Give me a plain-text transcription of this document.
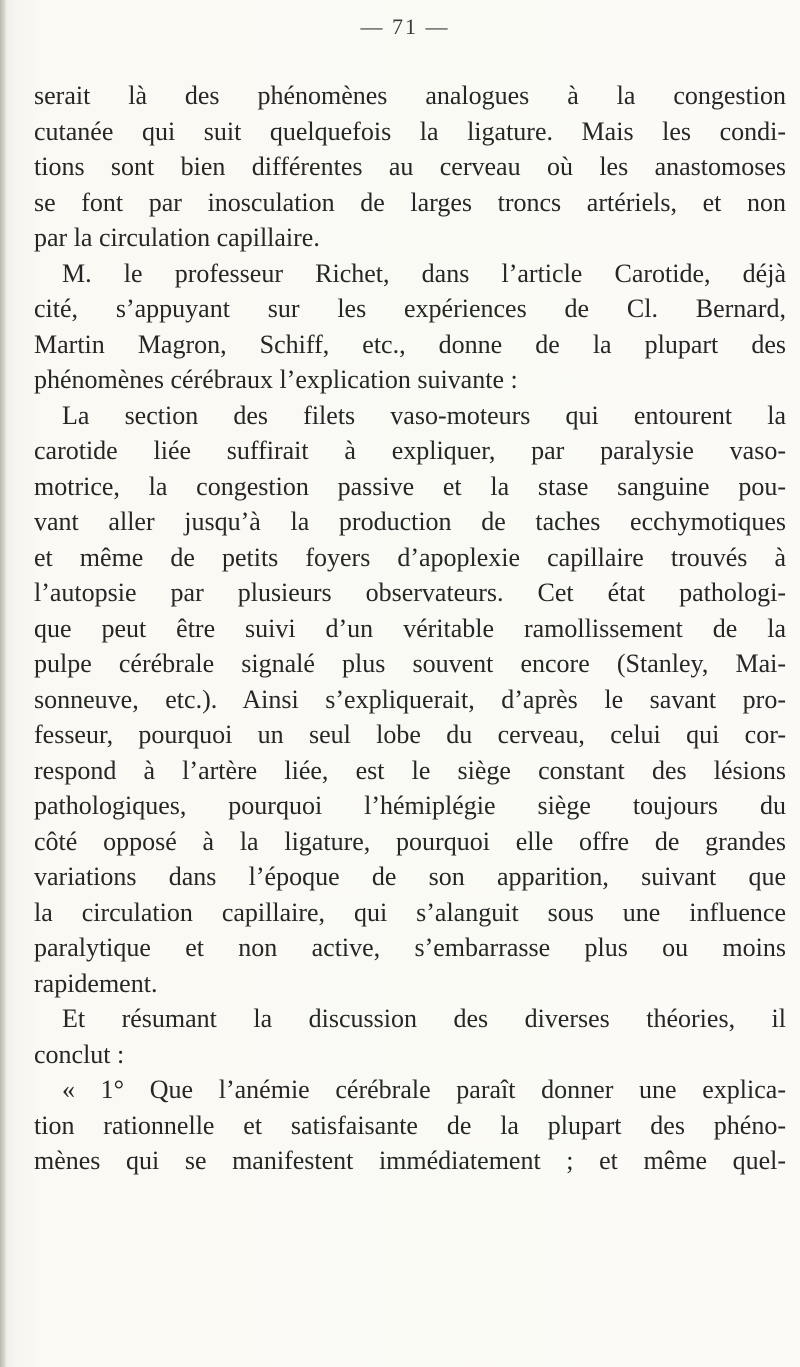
— 71 —
serait là des phénomènes analogues à la congestion
cutanée qui suit quelquefois la ligature. Mais les condi-
tions sont bien différentes au cerveau où les anastomoses
se font par inosculation de larges troncs artériels, et non
par la circulation capillaire.
M. le professeur Richet, dans l’article Carotide, déjà
cité, s’appuyant sur les expériences de Cl. Bernard,
Martin Magron, Schiff, etc., donne de la plupart des
phénomènes cérébraux l’explication suivante :
La section des filets vaso-moteurs qui entourent la
carotide liée suffirait à expliquer, par paralysie vaso-
motrice, la congestion passive et la stase sanguine pou-
vant aller jusqu’à la production de taches ecchymotiques
et même de petits foyers d’apoplexie capillaire trouvés à
l’autopsie par plusieurs observateurs. Cet état pathologi-
que peut être suivi d’un véritable ramollissement de la
pulpe cérébrale signalé plus souvent encore (Stanley, Mai-
sonneuve, etc.). Ainsi s’expliquerait, d’après le savant pro-
fesseur, pourquoi un seul lobe du cerveau, celui qui cor-
respond à l’artère liée, est le siège constant des lésions
pathologiques, pourquoi l’hémiplégie siège toujours du
côté opposé à la ligature, pourquoi elle offre de grandes
variations dans l’époque de son apparition, suivant que
la circulation capillaire, qui s’alanguit sous une influence
paralytique et non active, s’embarrasse plus ou moins
rapidement.
Et résumant la discussion des diverses théories, il
conclut :
« 1° Que l’anémie cérébrale paraît donner une explica-
tion rationnelle et satisfaisante de la plupart des phéno-
mènes qui se manifestent immédiatement ; et même quel-
